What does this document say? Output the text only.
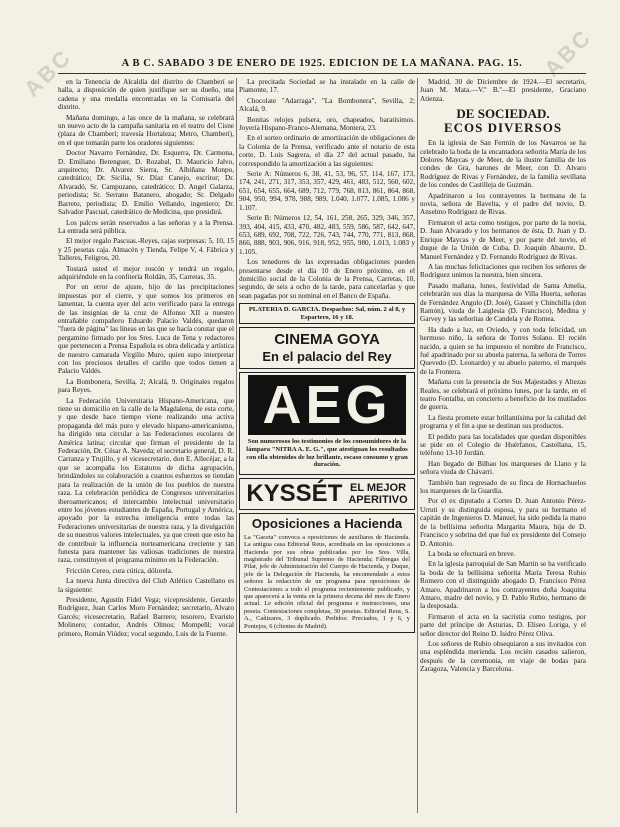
ABC	ABC
A B C. SABADO 3 DE ENERO DE 1925. EDICION DE LA MAÑANA. PAG. 15.

en la Tenencia de Alcaldía del distrito de Chamberí se halla, a disposición de quien justifique ser su dueño, una cadena y una medalla encontradas en la Comisaría del distrito.

Mañana domingo, a las once de la mañana, se celebrará un nuevo acto de la campaña sanitaria en el teatro del Cisne (plaza de Chamberí; travesía Hortaleza; Metro, Chamberí), en el que tomarán parte los oradores siguientes:

Doctor Navarro Fernández, Dr. Esquerra, Dr. Carmona, D. Emiliano Berenguer, D. Rozabal, D. Mauricio Jalvo, arquitecto; Dr. Alvarez Sierra, Sr. Albiñana Monpo, catedrático; Dr. Sicilia, Sr. Díaz Canejo, escritor; Dr. Alvaradó, Sr. Campuzano, catedrático; D. Angel Galarza, periodista; Sr. Serrano Batanero, abogado; Sr. Delgado Barreto, periodista; D. Emilio Vellando, ingeniero; Dr. Salvador Pascual, catedrático de Medicina, que presidirá.

Los palcos serán reservados a las señoras y a la Prensa. La entrada será pública.

El mejor regalo Pascuas.-Reyes, cajas sorpresas: 5, 10, 15 y 25 pesetas caja. Almacén y Tienda, Felipe V, 4. Fábrica y Talleres, Feligros, 20.

Tostará usted el mejor roscón y tendrá un regalo, adquiriéndole en la confitería Roldán, 35, Carretas, 35.

Por un error de ajuste, hijo de las precipitaciones impuestas por el cierre, y que somos los primeros en lamentar, la cuenta ayer del acto verificado para la entrega de las insignias de la cruz de Alfonso XII a nuestro entrañable compañero Eduardo Palacio Valdés, quedaron "fuera de página" las líneas en las que se hacía constar que el pergamino firmado por los Sres. Luca de Tena y redactores que pertenecen a Prensa Española es obra delicada y artística de nuestro camarada Virgilio Muro, quien supo interpretar con los preciosos detalles el cariño que todos tienen a Palacio Valdés.

La Bombonera, Sevilla, 2; Alcalá, 9. Originales regalos para Reyes.

La Federación Universitaria Hispano-Americana, que tiene su domicilio en la calle de la Magdalena, de esta corte, y que desde hace tiempo viene realizando una activa propaganda del más puro y elevado hispano-americanismo, ha dirigido una circular a las Federaciones escolares de América latina; circular que firman el presidente de la Federación, Dr. César A. Naveda; el secretario general, D. R. Carranza y Trujillo, y el vicesecretario, don E. Allecéjar, a la que se acompaña los Estatutos de dicha agrupación, brindándoles su colaboración a cuantos esfuerzos se tiendan para la realización de la unión de los pueblos de nuestra raza. La celebración periódica de Congresos universitarios iberoamericanos; el intercambio intelectual universitario entre los jóvenes estudiantes de España, Portugal y América, apoyado por la estrecha inteligencia entre todas las Federaciones universitarias de nuestra raza, y la divulgación de su nuestros valores intelectuales, ya que creen que esto ha de contribuir la influencia norteamericana creciente y tan funesta para mantener las valiosas tradiciones de nuestra raza, constituyen el programa mínimo en la Federación.

Fricción Cereo, cura cútica, dólorela.

La nueva Junta directiva del Club Atlético Castellano es la siguiente:

Presidente, Agustín Fidel Vega; vicepresidente, Gerardo Rodríguez, Juan Carlos Moro Fernández; secretario, Alvaro Garcés; vicesecretario, Rafael Barrero; tesorero, Evaristo Molinero; contador, Andrés Olmos; Mompeñl; vocal primero, Román Viúdez; vocal segundo, Luis de la Fuente.

La precitada Sociedad se ha instalado en la calle de Piamonte, 17.

Chocolate "Adarraga", "La Bombonera", Sevilla, 2; Alcalá, 9.

Bonitas relojes pulsera, oro, chapeados, baratísimos. Joyería Hispano-Franco-Alemana, Montera, 23.

En el sorteo ordinario de amortización de obligaciones de la Colonia de la Prensa, verificado ante el notario de esta corte, D. Luis Sagrera, el día 27 del actual pasado, ha correspondido la amortización a las siguientes:

Serie A: Números 6, 38, 41, 53, 96, 57, 114, 167, 173, 174, 241, 271, 317, 353, 357, 429, 461, 483, 512, 560, 602, 651, 654, 655, 664, 689, 712, 779, 768, 813, 861, 864, 868, 904, 950, 994, 978, 988, 989, 1.040, 1.077, 1.085, 1.086 y 1.107.

Serie B: Números 12, 54, 161, 258, 265, 329, 346, 357, 393, 404, 415, 433, 470, 482, 483, 559, 586, 587, 642, 647, 653, 689, 692, 708, 722, 726, 743, 744, 770, 771, 813, 868, 866, 888, 903, 906, 916, 918, 952, 955, 980, 1.013, 1.083 y 1.105.

Los tenedores de las expresadas obligaciones pueden presentarse desde el día 10 de Enero próximo, en el domicilio social de la Colonia de la Prensa, Carretas, 10, segundo, de seis a ocho de la tarde, para cancelarlas y que sean pagadas por su nominal en el Banco de España.

PLATERIA D. GARCIA. Despachos: Sal, núm. 2 al 8, y Espartero, 16 y 18.
CINEMA GOYA
En el palacio del Rey
AEG
Son numerosos los testimonios de los consumidores de la lámpara "NITRA A. E. G.", que atestiguan los resultados con ella obtenidos de luz brillante, escaso consumo y gran duración.
KYSSÉT EL MEJOR
APERITIVO
Oposiciones a Hacienda
La "Gaceta" convoca a oposiciones de auxiliares de Hacienda. La antigua casa Editorial Reus, acreditada en las oposiciones a Hacienda por sus obras publicadas por los Sres. Villa, magistrado del Tribunal Supremo de Hacienda; Fábregas del Pilar, jefe de Administración del Cuerpo de Hacienda, y Duque, jefe de la Delegación de Hacienda, ha encomendado a estos señores la redacción de un programa para oposiciones de Contestaciones a todo el programa recientemente publicado, y que aparecerá a la venta en la primera decena del mes de Enero actual. Le edición oficial del programa e instrucciones, una peseta. Contestaciones completas, 30 pesetas. Editorial Reus, S. A., Cañizares, 3 duplicado. Pedidos: Preciados, 1 y 6, y Pontejos, 6 (clientes de Madrid).

Madrid, 30 de Diciembre de 1924.—El secretario, Juan M. Mata.—V.º B.º—El presidente, Graciano Atienza.

DE SOCIEDAD.
ECOS DIVERSOS

En la iglesia de San Fermín de los Navarros se ha celebrado la boda de la encantadora señorita María de los Dolores Maycas y de Meer, de la ilustre familia de los condes de Gra, barones de Meer, con D. Alvaro Rodríguez de Rivas y Fernández, de la familia sevillana de los condes de Castilleja de Guzmán.

Apadrinaron a los contrayentes la hermana de la novia, señora de Bavelta, y el padre del novio, D. Anselmo Rodríguez de Rivas.

Firmaron el acta como testigos, por parte de la novia, D. Juan Alvarado y los hermanos de ésta, D. Juan y D. Enrique Maycas y de Meer, y por parte del novio, el duque de la Unión de Cuba, D. Joaquín Abaurre, D. Manuel Fernández y D. Fernando Rodríguez de Rivas.

A las muchas felicitaciones que reciben los señores de Rodríguez unimos la nuestra, bien sincera.

Pasado mañana, lunes, festividad de Santa Amelia, celebrarán sus días la marquesa de Villa Huerta, señoras de Fernández Angulo (D. José), Gasset y Chinchilla (don Ramón), viuda de Laiglesia (D. Francisco), Medina y Garvey y las señoritas de Candela y de Romea.

Ha dado a luz, en Oviedo, y con toda felicidad, un hermoso niño, la señora de Torres Solano. El recién nacido, a quien se ha impuesto el nombre de Francisco, fué apadrinado por su abuela paterna, la señora de Torres Quevedo (D. Leonardo) y su abuelo paterno, el marqués de la Frontera.

Mañana con la presencia de Sus Majestades y Altezas Reales, se celebrará el próximo lunes, por la tarde, en el teatro Fontalba, un concierto a beneficio de los mutilados de guerra.

La fiesta promete estar brillantísima por la calidad del programa y el fin a que se destinan sus productos.

El pedido para las localidades que quedan disponibles se pide en el Colegio de Huérfanos, Castellana, 15, teléfono 13-10 Jordán.

Han llegado de Bilbao los marqueses de Llano y la señora viuda de Chávarri.

También han regresado de su finca de Hornachuelos los marqueses de la Guardia.

Por el ex diputado a Cortes D. Juan Antonio Pérez-Urruti y su distinguida esposa, y para su hermano el capitán de Ingenieros D. Manuel, ha sido pedida la mano de la bellísima señorita Margarita Maura, hija de D. Francisco y sobrina del que fué ex presidente del Consejo D. Antonio.

La boda se efectuará en breve.

En la iglesia parroquial de San Martín se ha verificado la boda de la bellísima señorita María Teresa Rubio Romero con el distinguido abogado D. Francisco Pérez Amaro. Apadrinaron a los contrayentes doña Joaquina Amaro, madre del novio, y D. Pablo Rubio, hermano de la desposada.

Firmaron el acta en la sacristía como testigos, por parte del príncipe de Asturias, D. Eliseo Loriga, y el señor director del Reino D. Isidro Pérez Oliva.

Los señores de Rubio obsequiaron a sus invitados con una espléndida merienda. Los recién casados salieron, después de la ceremonia, en viaje de bodas para Zaragoza, Valencia y Barcelona.
